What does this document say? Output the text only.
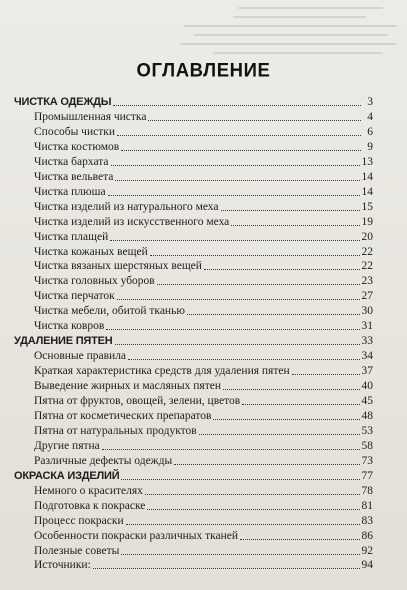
ОГЛАВЛЕНИЕ
ЧИСТКА ОДЕЖДЫ	3
Промышленная чистка	4
Способы чистки	6
Чистка костюмов	9
Чистка бархата	13
Чистка вельвета	14
Чистка плюша	14
Чистка изделий из натурального меха	15
Чистка изделий из искусственного меха	19
Чистка плащей	20
Чистка кожаных вещей	22
Чистка вязаных шерстяных вещей	22
Чистка головных уборов	23
Чистка перчаток	27
Чистка мебели, обитой тканью	30
Чистка ковров	31
УДАЛЕНИЕ ПЯТЕН	33
Основные правила	34
Краткая характеристика средств для удаления пятен	37
Выведение жирных и масляных пятен	40
Пятна от фруктов, овощей, зелени, цветов	45
Пятна от косметических препаратов	48
Пятна от натуральных продуктов	53
Другие пятна	58
Различные дефекты одежды	73
ОКРАСКА ИЗДЕЛИЙ	77
Немного о красителях	78
Подготовка к покраске	81
Процесс покраски	83
Особенности покраски различных тканей	86
Полезные советы	92
Источники:	94
